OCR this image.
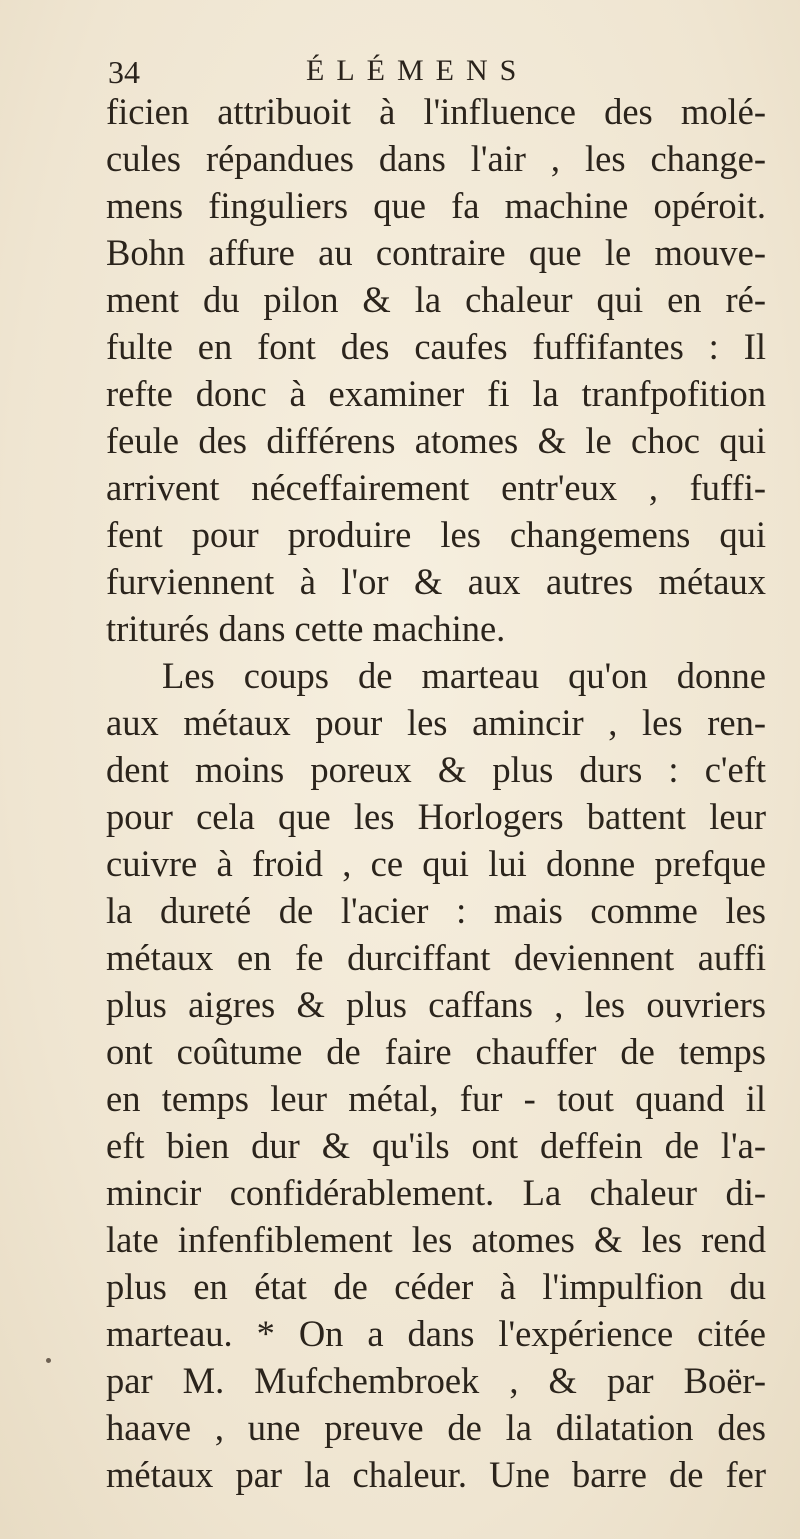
34	ÉLÉMENS
ficien attribuoit à l'influence des molé-
cules répandues dans l'air , les change-
mens finguliers que fa machine opéroit.
Bohn affure au contraire que le mouve-
ment du pilon & la chaleur qui en ré-
fulte en font des caufes fuffifantes : Il
refte donc à examiner fi la tranfpofition
feule des différens atomes & le choc qui
arrivent néceffairement entr'eux , fuffi-
fent pour produire les changemens qui
furviennent à l'or & aux autres métaux
triturés dans cette machine.
Les coups de marteau qu'on donne
aux métaux pour les amincir , les ren-
dent moins poreux & plus durs : c'eft
pour cela que les Horlogers battent leur
cuivre à froid , ce qui lui donne prefque
la dureté de l'acier : mais comme les
métaux en fe durciffant deviennent auffi
plus aigres & plus caffans , les ouvriers
ont coûtume de faire chauffer de temps
en temps leur métal, fur - tout quand il
eft bien dur & qu'ils ont deffein de l'a-
mincir confidérablement. La chaleur di-
late infenfiblement les atomes & les rend
plus en état de céder à l'impulfion du
marteau. * On a dans l'expérience citée
par M. Mufchembroek , & par Boër-
haave , une preuve de la dilatation des
métaux par la chaleur. Une barre de fer
